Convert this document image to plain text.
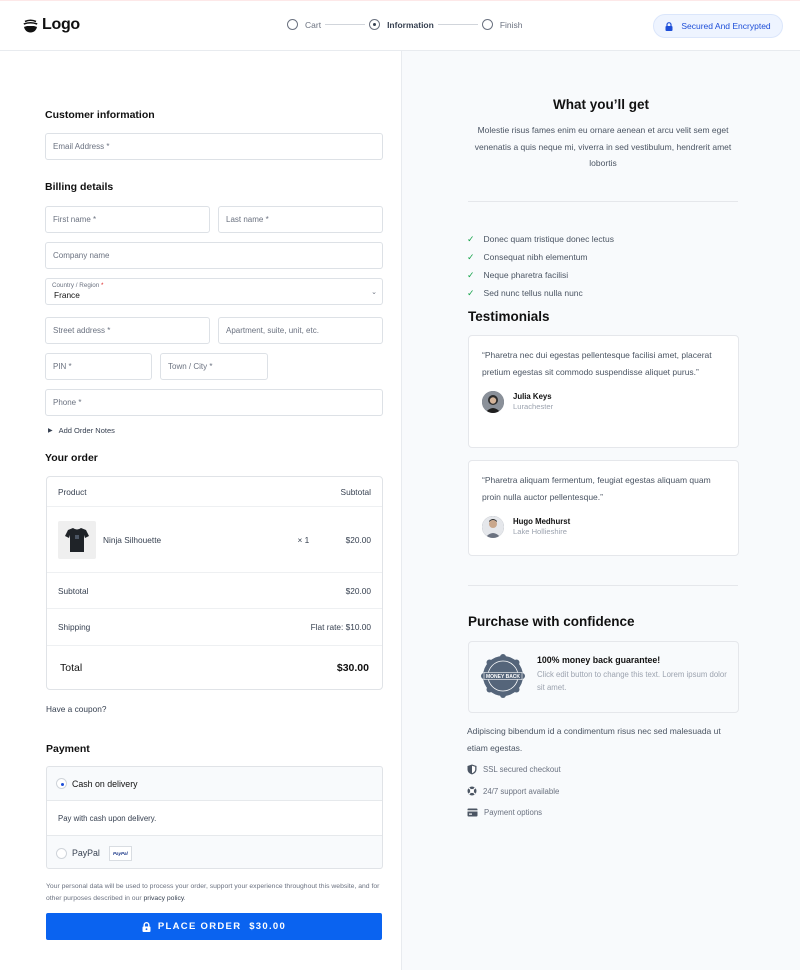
Logo	Cart	Information	Finish	Secured And Encrypted
Customer information
Email Address *
Billing details
First name *	Last name *
Company name
Country / Region *
France	⌄
Street address *	Apartment, suite, unit, etc.
PIN *	Town / City *
Phone *
▶ Add Order Notes
Your order
Product	Subtotal
Ninja Silhouette	× 1	$20.00
Subtotal	$20.00
Shipping	Flat rate: $10.00
Total	$30.00
Have a coupon?
Payment
Cash on delivery
Pay with cash upon delivery.
PayPal	PayPal
Your personal data will be used to process your order, support your experience throughout this website, and for other purposes described in our privacy policy.
PLACE ORDER  $30.00
What you’ll get
Molestie risus fames enim eu ornare aenean et arcu velit sem eget venenatis a quis neque mi, viverra in sed vestibulum, hendrerit amet lobortis
✓ Donec quam tristique donec lectus
✓ Consequat nibh elementum
✓ Neque pharetra facilisi
✓ Sed nunc tellus nulla nunc
Testimonials
“Pharetra nec dui egestas pellentesque facilisi amet, placerat pretium egestas sit commodo suspendisse aliquet purus.”
Julia Keys
Lurachester
“Pharetra aliquam fermentum, feugiat egestas aliquam quam proin nulla auctor pellentesque.”
Hugo Medhurst
Lake Hollieshire
Purchase with confidence
MONEY BACK
100% money back guarantee!
Click edit button to change this text. Lorem ipsum dolor sit amet.
Adipiscing bibendum id a condimentum risus nec sed malesuada ut etiam egestas.
SSL secured checkout
24/7 support available
Payment options
